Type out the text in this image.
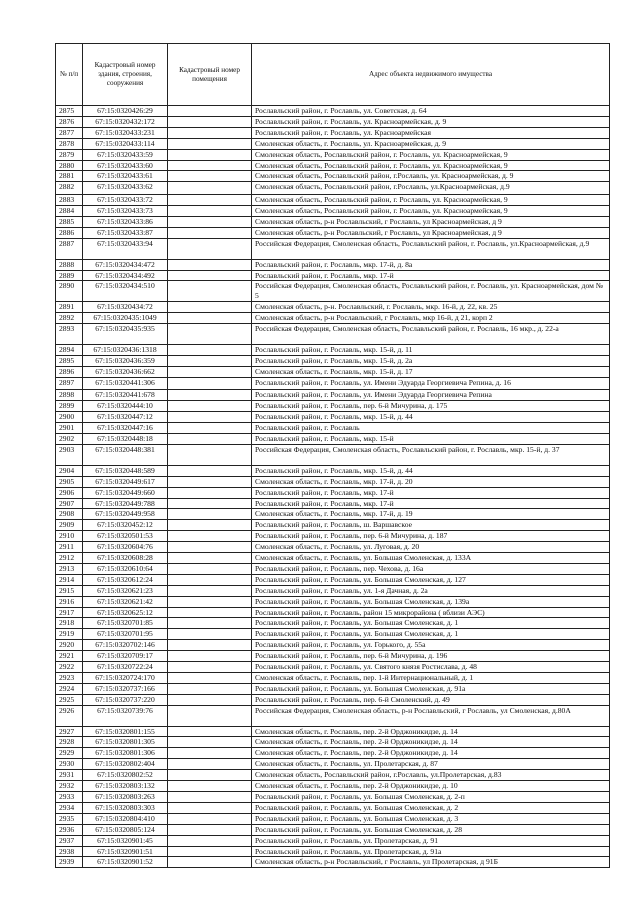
№ п/п	Кадастровый номер здания, строения, сооружения	Кадастровый номер помещения	Адрес объекта недвижимого имущества
2875	67:15:0320426:29		Рославльский район, г. Рославль, ул. Советская, д. 64
2876	67:15:0320432:172		Рославльский район, г. Рославль, ул. Красноармейская, д. 9
2877	67:15:0320433:231		Рославльский район, г. Рославль, ул. Красноармейская
2878	67:15:0320433:114		Смоленская область, г. Рославль, ул. Красноармейская, д. 9
2879	67:15:0320433:59		Смоленская область, Рославльский район, г. Рославль, ул. Красноармейская, 9
2880	67:15:0320433:60		Смоленская область, Рославльский район, г. Рославль, ул. Красноармейская, 9
2881	67:15:0320433:61		Смоленская область, Рославльский район, г.Рославль, ул. Красноармейская, д. 9
2882	67:15:0320433:62		Смоленская область, Рославльский район, г.Рославль, ул.Красноармейская, д.9
2883	67:15:0320433:72		Смоленская область, Рославльский район, г. Рославль, ул. Красноармейская, 9
2884	67:15:0320433:73		Смоленская область, Рославльский район, г. Рославль, ул. Красноармейская, 9
2885	67:15:0320433:86		Смоленская область, р-н Рославльский, г Рославль, ул Красноармейская, д 9
2886	67:15:0320433:87		Смоленская область, р-н Рославльский, г Рославль, ул Красноармейская, д 9
2887	67:15:0320433:94		Российская Федерация, Смоленская область, Рославльский район, г. Рославль, ул.Красноармейская, д.9
2888	67:15:0320434:472		Рославльский район, г. Рославль, мкр. 17-й, д. 8а
2889	67:15:0320434:492		Рославльский район, г. Рославль, мкр. 17-й
2890	67:15:0320434:510		Российская Федерация, Смоленская область, Рославльский район, г. Рославль, ул. Красноармейская, дом № 5
2891	67:15:0320434:72		Смоленская область, р-н. Рославльский, г. Рославль, мкр. 16-й, д. 22, кв. 25
2892	67:15:0320435:1049		Смоленская область, р-н Рославльский, г Рославль, мкр 16-й, д 21, корп 2
2893	67:15:0320435:935		Российская Федерация, Смоленская область, Рославльский район, г. Рославль, 16 мкр., д. 22-а
2894	67:15:0320436:1318		Рославльский район, г. Рославль, мкр. 15-й, д. 11
2895	67:15:0320436:359		Рославльский район, г. Рославль, мкр. 15-й, д. 2а
2896	67:15:0320436:662		Смоленская область, г. Рославль, мкр. 15-й, д. 17
2897	67:15:0320441:306		Рославльский район, г. Рославль, ул. Имени Эдуарда Георгиевича Репина, д. 16
2898	67:15:0320441:678		Рославльский район, г. Рославль, ул. Имени Эдуарда Георгиевича Репина
2899	67:15:0320444:10		Рославльский район, г. Рославль, пер. 6-й Мичурина, д. 175
2900	67:15:0320447:12		Рославльский район, г. Рославль, мкр. 15-й, д. 44
2901	67:15:0320447:16		Рославльский район, г. Рославль
2902	67:15:0320448:18		Рославльский район, г. Рославль, мкр. 15-й
2903	67:15:0320448:381		Российская Федерация, Смоленская область, Рославльский район, г. Рославль, мкр. 15-й, д. 37
2904	67:15:0320448:589		Рославльский район, г. Рославль, мкр. 15-й, д. 44
2905	67:15:0320449:617		Смоленская область, г. Рославль, мкр. 17-й, д. 20
2906	67:15:0320449:660		Рославльский район, г. Рославль, мкр. 17-й
2907	67:15:0320449:788		Рославльский район, г. Рославль, мкр. 17-й
2908	67:15:0320449:958		Смоленская область, г. Рославль, мкр. 17-й, д. 19
2909	67:15:0320452:12		Рославльский район, г. Рославль, ш. Варшавское
2910	67:15:0320501:53		Рославльский район, г. Рославль, пер. 6-й Мичурина, д. 187
2911	67:15:0320604:76		Смоленская область, г. Рославль, ул. Луговая, д. 20
2912	67:15:0320608:28		Смоленская область, г. Рославль, ул. Большая Смоленская, д. 133А
2913	67:15:0320610:64		Рославльский район, г. Рославль, пер. Чехова, д. 16а
2914	67:15:0320612:24		Рославльский район, г. Рославль, ул. Большая Смоленская, д. 127
2915	67:15:0320621:23		Рославльский район, г. Рославль, ул. 1-я Дачная, д. 2а
2916	67:15:0320621:42		Рославльский район, г. Рославль, ул. Большая Смоленская, д. 139а
2917	67:15:0320625:12		Рославльский район, г. Рославль, район 15 микрорайона ( вблизи АЭС)
2918	67:15:0320701:85		Рославльский район, г. Рославль, ул. Большая Смоленская, д. 1
2919	67:15:0320701:95		Рославльский район, г. Рославль, ул. Большая Смоленская, д. 1
2920	67:15:0320702:146		Рославльский район, г. Рославль, ул. Горького, д. 55а
2921	67:15:0320709:17		Рославльский район, г. Рославль, пер. 6-й Мичурина, д. 196
2922	67:15:0320722:24		Рославльский район, г. Рославль, ул. Святого князя Ростислава, д. 48
2923	67:15:0320724:170		Смоленская область, г. Рославль, пер. 1-й Интернациональный, д. 1
2924	67:15:0320737:166		Рославльский район, г. Рославль, ул. Большая Смоленская, д. 91а
2925	67:15:0320737:220		Рославльский район, г. Рославль, пер. 6-й Смоленский, д. 49
2926	67:15:0320739:76		Российская Федерация, Смоленская область, р-н Рославльский, г Рославль, ул Смоленская, д.80А
2927	67:15:0320801:155		Смоленская область, г. Рославль, пер. 2-й Орджоникидзе, д. 14
2928	67:15:0320801:305		Смоленская область, г. Рославль, пер. 2-й Орджоникидзе, д. 14
2929	67:15:0320801:306		Смоленская область, г. Рославль, пер. 2-й Орджоникидзе, д. 14
2930	67:15:0320802:404		Смоленская область, г. Рославль, ул. Пролетарская, д. 87
2931	67:15:0320802:52		Смоленская область, Рославльский район, г.Рославль, ул.Пролетарская, д.83
2932	67:15:0320803:132		Смоленская область, г. Рославль, пер. 2-й Орджоникидзе, д. 10
2933	67:15:0320803:263		Рославльский район, г. Рославль, ул. Большая Смоленская, д. 2-п
2934	67:15:0320803:303		Рославльский район, г. Рославль, ул. Большая Смоленская, д. 2
2935	67:15:0320804:410		Рославльский район, г. Рославль, ул. Большая Смоленская, д. 3
2936	67:15:0320805:124		Рославльский район, г. Рославль, ул. Большая Смоленская, д. 28
2937	67:15:0320901:45		Рославльский район, г. Рославль, ул. Пролетарская, д. 91
2938	67:15:0320901:51		Рославльский район, г. Рославль, ул. Пролетарская, д. 91а
2939	67:15:0320901:52		Смоленская область, р-н Рославльский, г Рославль, ул Пролетарская, д 91Б
